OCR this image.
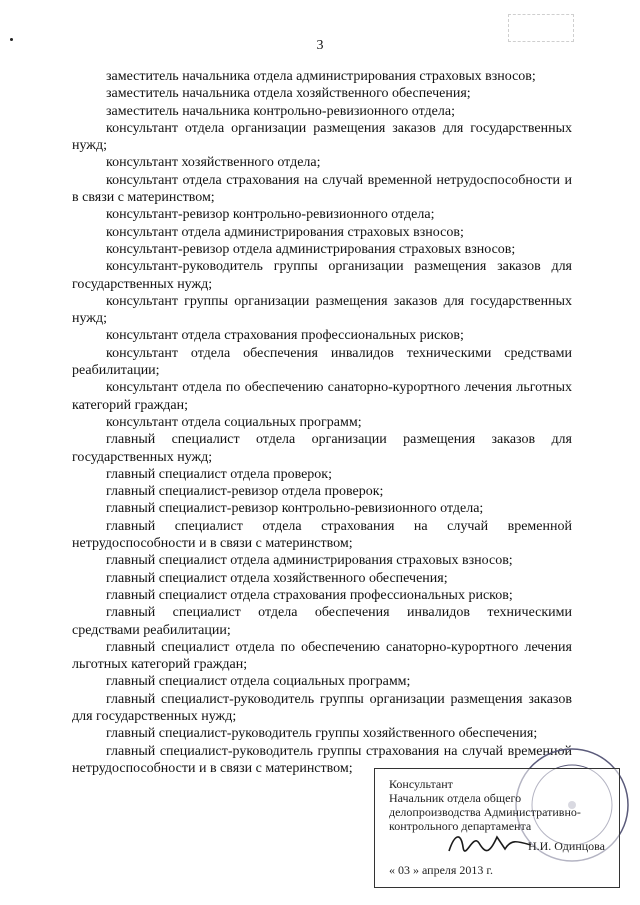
3

заместитель начальника отдела администрирования страховых взносов;

заместитель начальника отдела хозяйственного обеспечения;

заместитель начальника контрольно-ревизионного отдела;

консультант отдела организации размещения заказов для государственных нужд;

консультант хозяйственного отдела;

консультант отдела страхования на случай временной нетрудоспособности и в связи с материнством;

консультант-ревизор контрольно-ревизионного отдела;

консультант отдела администрирования страховых взносов;

консультант-ревизор отдела администрирования страховых взносов;

консультант-руководитель группы организации размещения заказов для государственных нужд;

консультант группы организации размещения заказов для государственных нужд;

консультант отдела страхования профессиональных рисков;

консультант отдела обеспечения инвалидов техническими средствами реабилитации;

консультант отдела по обеспечению санаторно-курортного лечения льготных категорий граждан;

консультант отдела социальных программ;

главный специалист отдела организации размещения заказов для государственных нужд;

главный специалист отдела проверок;

главный специалист-ревизор отдела проверок;

главный специалист-ревизор контрольно-ревизионного отдела;

главный специалист отдела страхования на случай временной нетрудоспособности и в связи с материнством;

главный специалист отдела администрирования страховых взносов;

главный специалист отдела хозяйственного обеспечения;

главный специалист отдела страхования профессиональных рисков;

главный специалист отдела обеспечения инвалидов техническими средствами реабилитации;

главный специалист отдела по обеспечению санаторно-курортного лечения льготных категорий граждан;

главный специалист отдела социальных программ;

главный специалист-руководитель группы организации размещения заказов для государственных нужд;

главный специалист-руководитель группы хозяйственного обеспечения;

главный специалист-руководитель группы страхования на случай временной нетрудоспособности и в связи с материнством;

Консультант
Начальник отдела общего
делопроизводства Административно-
контрольного департамента
Н.И. Одинцова
« 03 » апреля 2013 г.
